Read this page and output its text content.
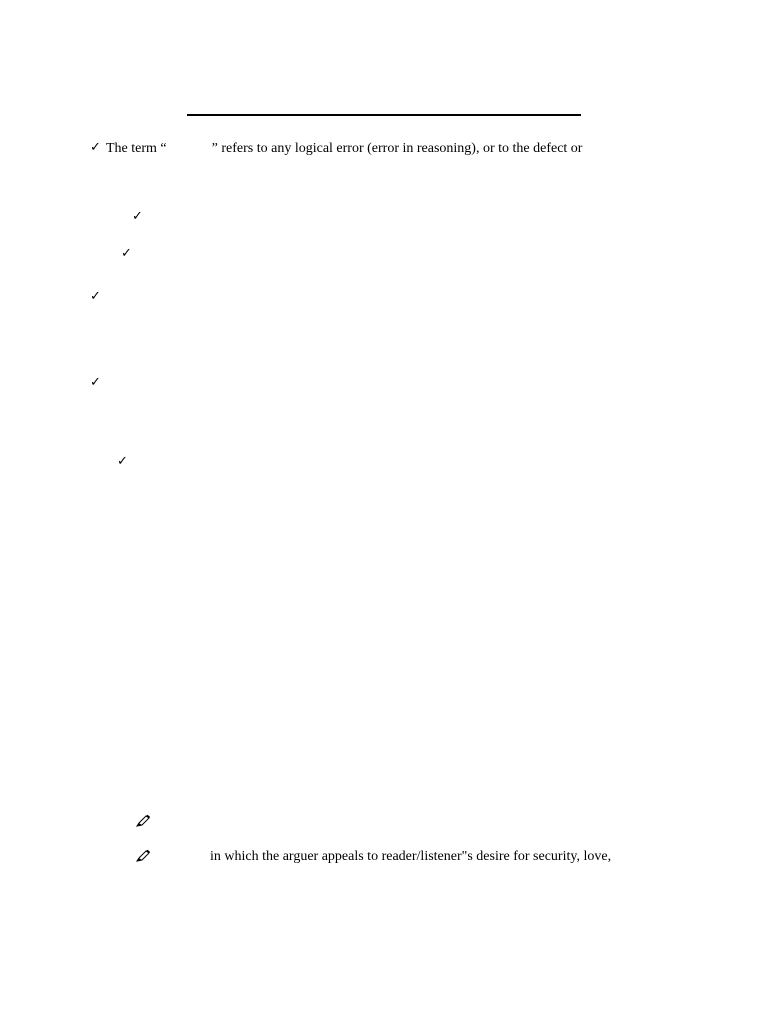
✓ The term “	” refers to any logical error (error in reasoning), or to the defect or
✓
✓
✓
✓
✓
in which the arguer appeals to reader/listener"s desire for security, love,
